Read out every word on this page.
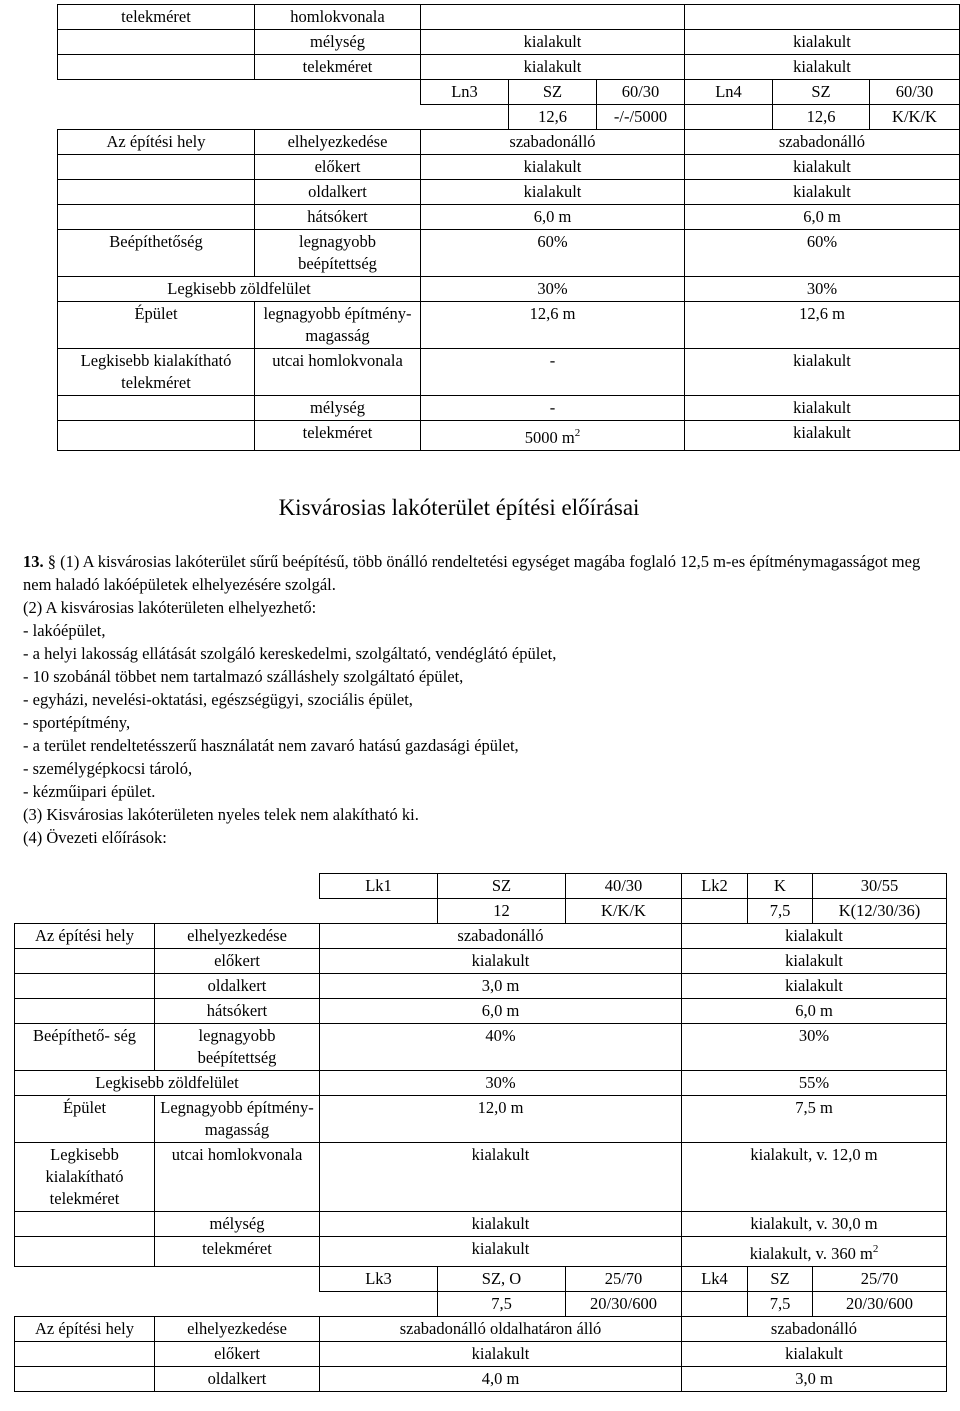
telekméret	homlokvonala						
	mélység	kialakult			kialakult		
	telekméret	kialakult			kialakult		
		Ln3	SZ	60/30	Ln4	SZ	60/30
			12,6	-/-/5000		12,6	K/K/K
Az építési hely	elhelyezkedése	szabadonálló			szabadonálló		
	előkert	kialakult			kialakult		
	oldalkert	kialakult			kialakult		
	hátsókert	6,0 m			6,0 m		
Beépíthetőség	legnagyobb beépítettség	60%			60%		
Legkisebb zöldfelület		30%			30%		
Épület	legnagyobb építmény-magasság	12,6 m			12,6 m		
Legkisebb kialakítható telekméret	utcai homlokvonala	-			kialakult		
	mélység	-			kialakult		
	telekméret	5000 $m^2$			kialakult		
Kisvárosias lakóterület építési előírásai

13. § (1) A kisvárosias lakóterület sűrű beépítésű, több önálló rendeltetési egységet magába foglaló 12,5 m-es építménymagasságot meg nem haladó lakóépületek elhelyezésére szolgál.

(2) A kisvárosias lakóterületen elhelyezhető:

- lakóépület,

- a helyi lakosság ellátását szolgáló kereskedelmi, szolgáltató, vendéglátó épület,

- 10 szobánál többet nem tartalmazó szálláshely szolgáltató épület,

- egyházi, nevelési-oktatási, egészségügyi, szociális épület,

- sportépítmény,

- a terület rendeltetésszerű használatát nem zavaró hatású gazdasági épület,

- személygépkocsi tároló,

- kézműipari épület.

(3) Kisvárosias lakóterületen nyeles telek nem alakítható ki.

(4) Övezeti előírások:

		Lk1	SZ	40/30	Lk2	K	30/55
			12	K/K/K		7,5	K(12/30/36)
Az építési hely	elhelyezkedése	szabadonálló			kialakult		
	előkert	kialakult			kialakult		
	oldalkert	3,0 m			kialakult		
	hátsókert	6,0 m			6,0 m		
Beépíthető- ség	legnagyobb beépítettség	40%			30%		
Legkisebb zöldfelület		30%			55%		
Épület	Legnagyobb építmény- magasság	12,0 m			7,5 m		
Legkisebb kialakítható telekméret	utcai homlokvonala	kialakult			kialakult, v. 12,0 m		
	mélység	kialakult			kialakult, v. 30,0 m		
	telekméret	kialakult			kialakult, v. 360 $m^2$
		Lk3	SZ, O	25/70	Lk4	SZ	25/70
			7,5	20/30/600		7,5	20/30/600
Az építési hely	elhelyezkedése	szabadonálló oldalhatáron álló			szabadonálló		
	előkert	kialakult			kialakult		
	oldalkert	4,0 m			3,0 m		
